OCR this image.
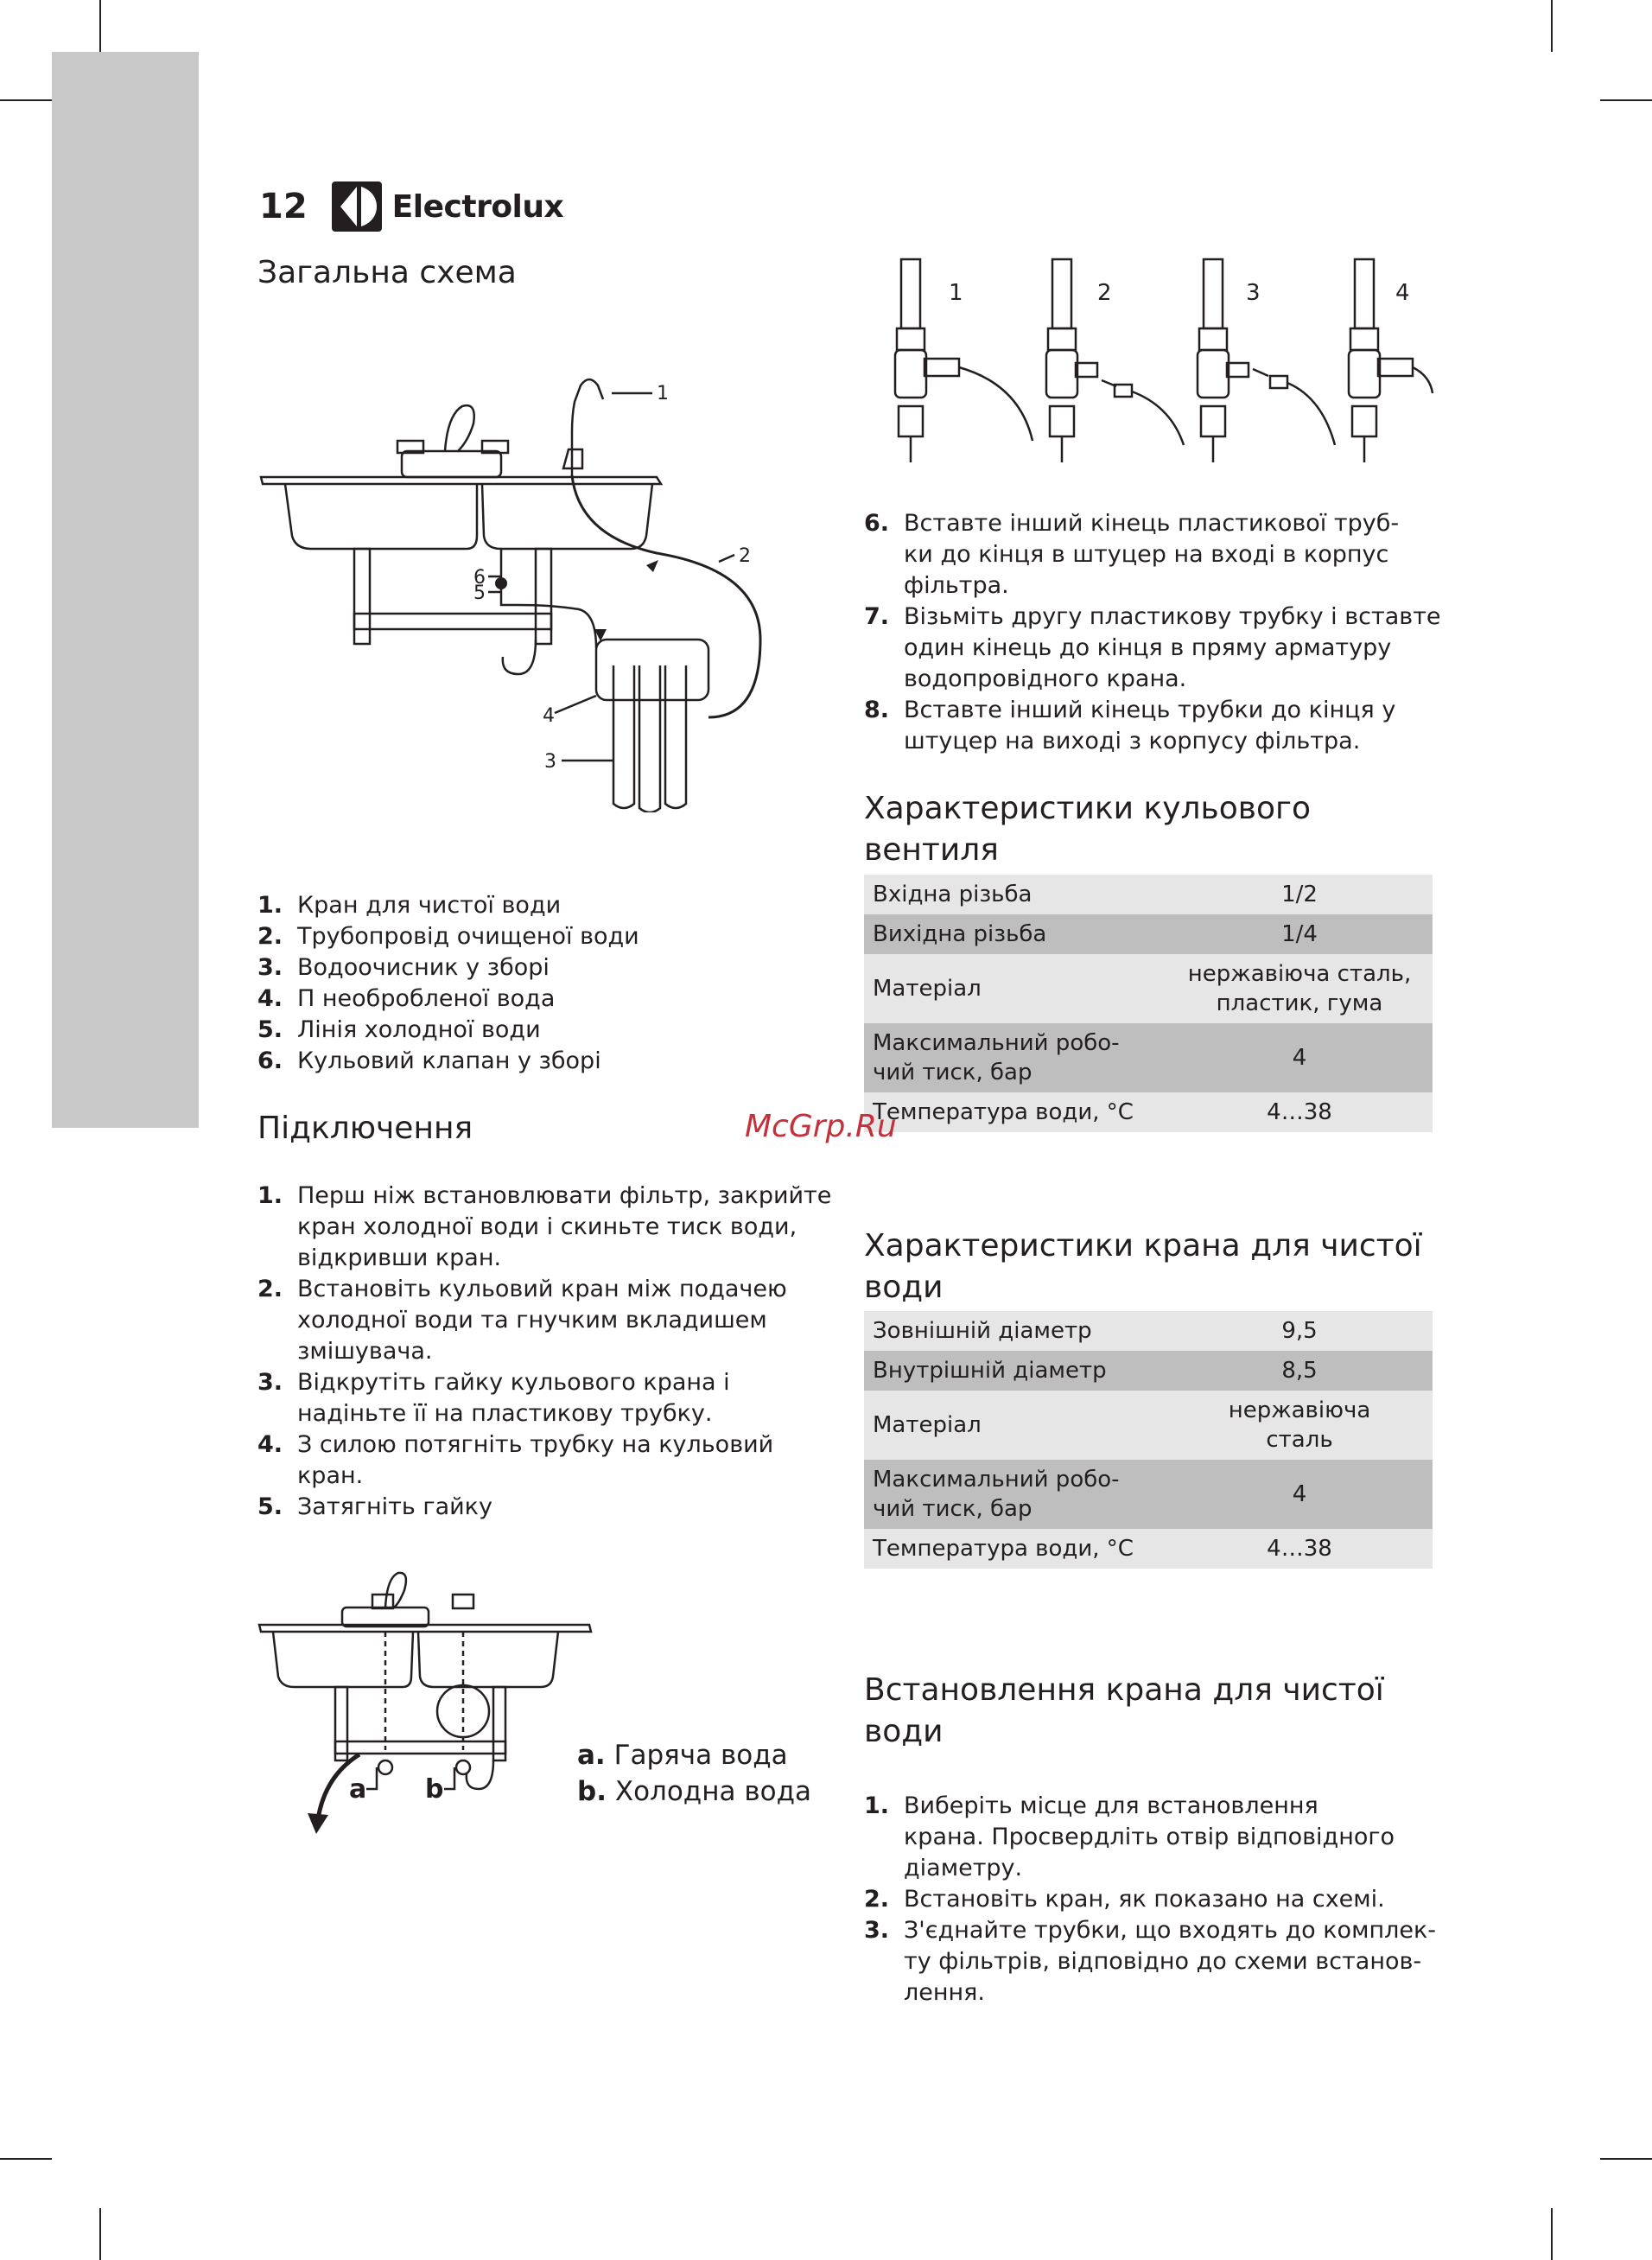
12	Electrolux
Загальна схема
1
2
3
4
5
6
1. Кран для чистої води
2. Трубопровід очищеної води
3. Водоочисник у зборі
4. П необробленої вода
5. Лінія холодної води
6. Кульовий клапан у зборі
Підключення
1. Перш ніж встановлювати фільтр, закрийте
кран холодної води і скиньте тиск води,
відкривши кран.
2. Встановіть кульовий кран між подачею
холодної води та гнучким вкладишем
змішувача.
3. Відкрутіть гайку кульового крана і
надіньте її на пластикову трубку.
4. З силою потягніть трубку на кульовий
кран.
5. Затягніть гайку
a b
a. Гаряча вода
b. Холодна вода
1	2	3	4
6. Вставте інший кінець пластикової труб-
ки до кінця в штуцер на вході в корпус
фільтра.
7. Візьміть другу пластикову трубку і вставте
один кінець до кінця в пряму арматуру
водопровідного крана.
8. Вставте інший кінець трубки до кінця у
штуцер на виході з корпусу фільтра.
Характеристики кульового
вентиля
Вхідна різьба	1/2
Вихідна різьба	1/4
Матеріал	нержавіюча сталь,
пластик, гума
Максимальний робо-
чий тиск, бар	4
Температура води, °C	4…38
Характеристики крана для чистої
води
Зовнішній діаметр	9,5
Внутрішній діаметр	8,5
Матеріал	нержавіюча
сталь
Максимальний робо-
чий тиск, бар	4
Температура води, °C	4…38
Встановлення крана для чистої
води
1. Виберіть місце для встановлення
крана. Просвердліть отвір відповідного
діаметру.
2. Встановіть кран, як показано на схемі.
3. З'єднайте трубки, що входять до комплек-
ту фільтрів, відповідно до схеми встанов-
лення.
McGrp.Ru
